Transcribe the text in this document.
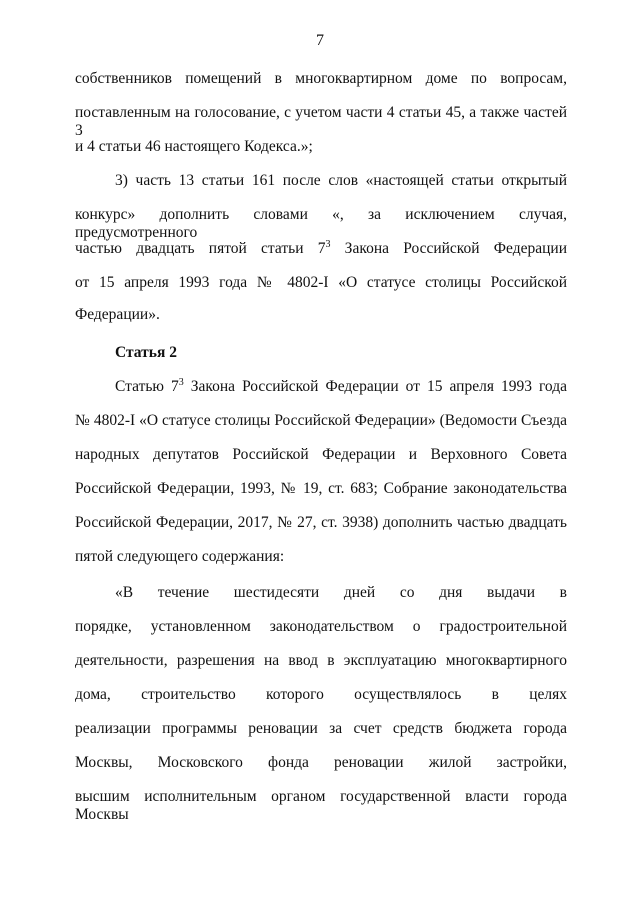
7
собственников помещений в многоквартирном доме по вопросам,
поставленным на голосование, с учетом части 4 статьи 45, а также частей 3
и 4 статьи 46 настоящего Кодекса.»;
3) часть 13 статьи 161 после слов «настоящей статьи открытый
конкурс» дополнить словами «, за исключением случая, предусмотренного
частью двадцать пятой статьи $7^3$ Закона Российской Федерации
от 15 апреля 1993 года № 4802-I «О статусе столицы Российской
Федерации».
Статья 2
Статью $7^3$ Закона Российской Федерации от 15 апреля 1993 года
№ 4802-I «О статусе столицы Российской Федерации» (Ведомости Съезда
народных депутатов Российской Федерации и Верховного Совета
Российской Федерации, 1993, № 19, ст. 683; Собрание законодательства
Российской Федерации, 2017, № 27, ст. 3938) дополнить частью двадцать
пятой следующего содержания:
«В течение шестидесяти дней со дня выдачи в
порядке, установленном законодательством о градостроительной
деятельности, разрешения на ввод в эксплуатацию многоквартирного
дома, строительство которого осуществлялось в целях
реализации программы реновации за счет средств бюджета города
Москвы, Московского фонда реновации жилой застройки,
высшим исполнительным органом государственной власти города Москвы
